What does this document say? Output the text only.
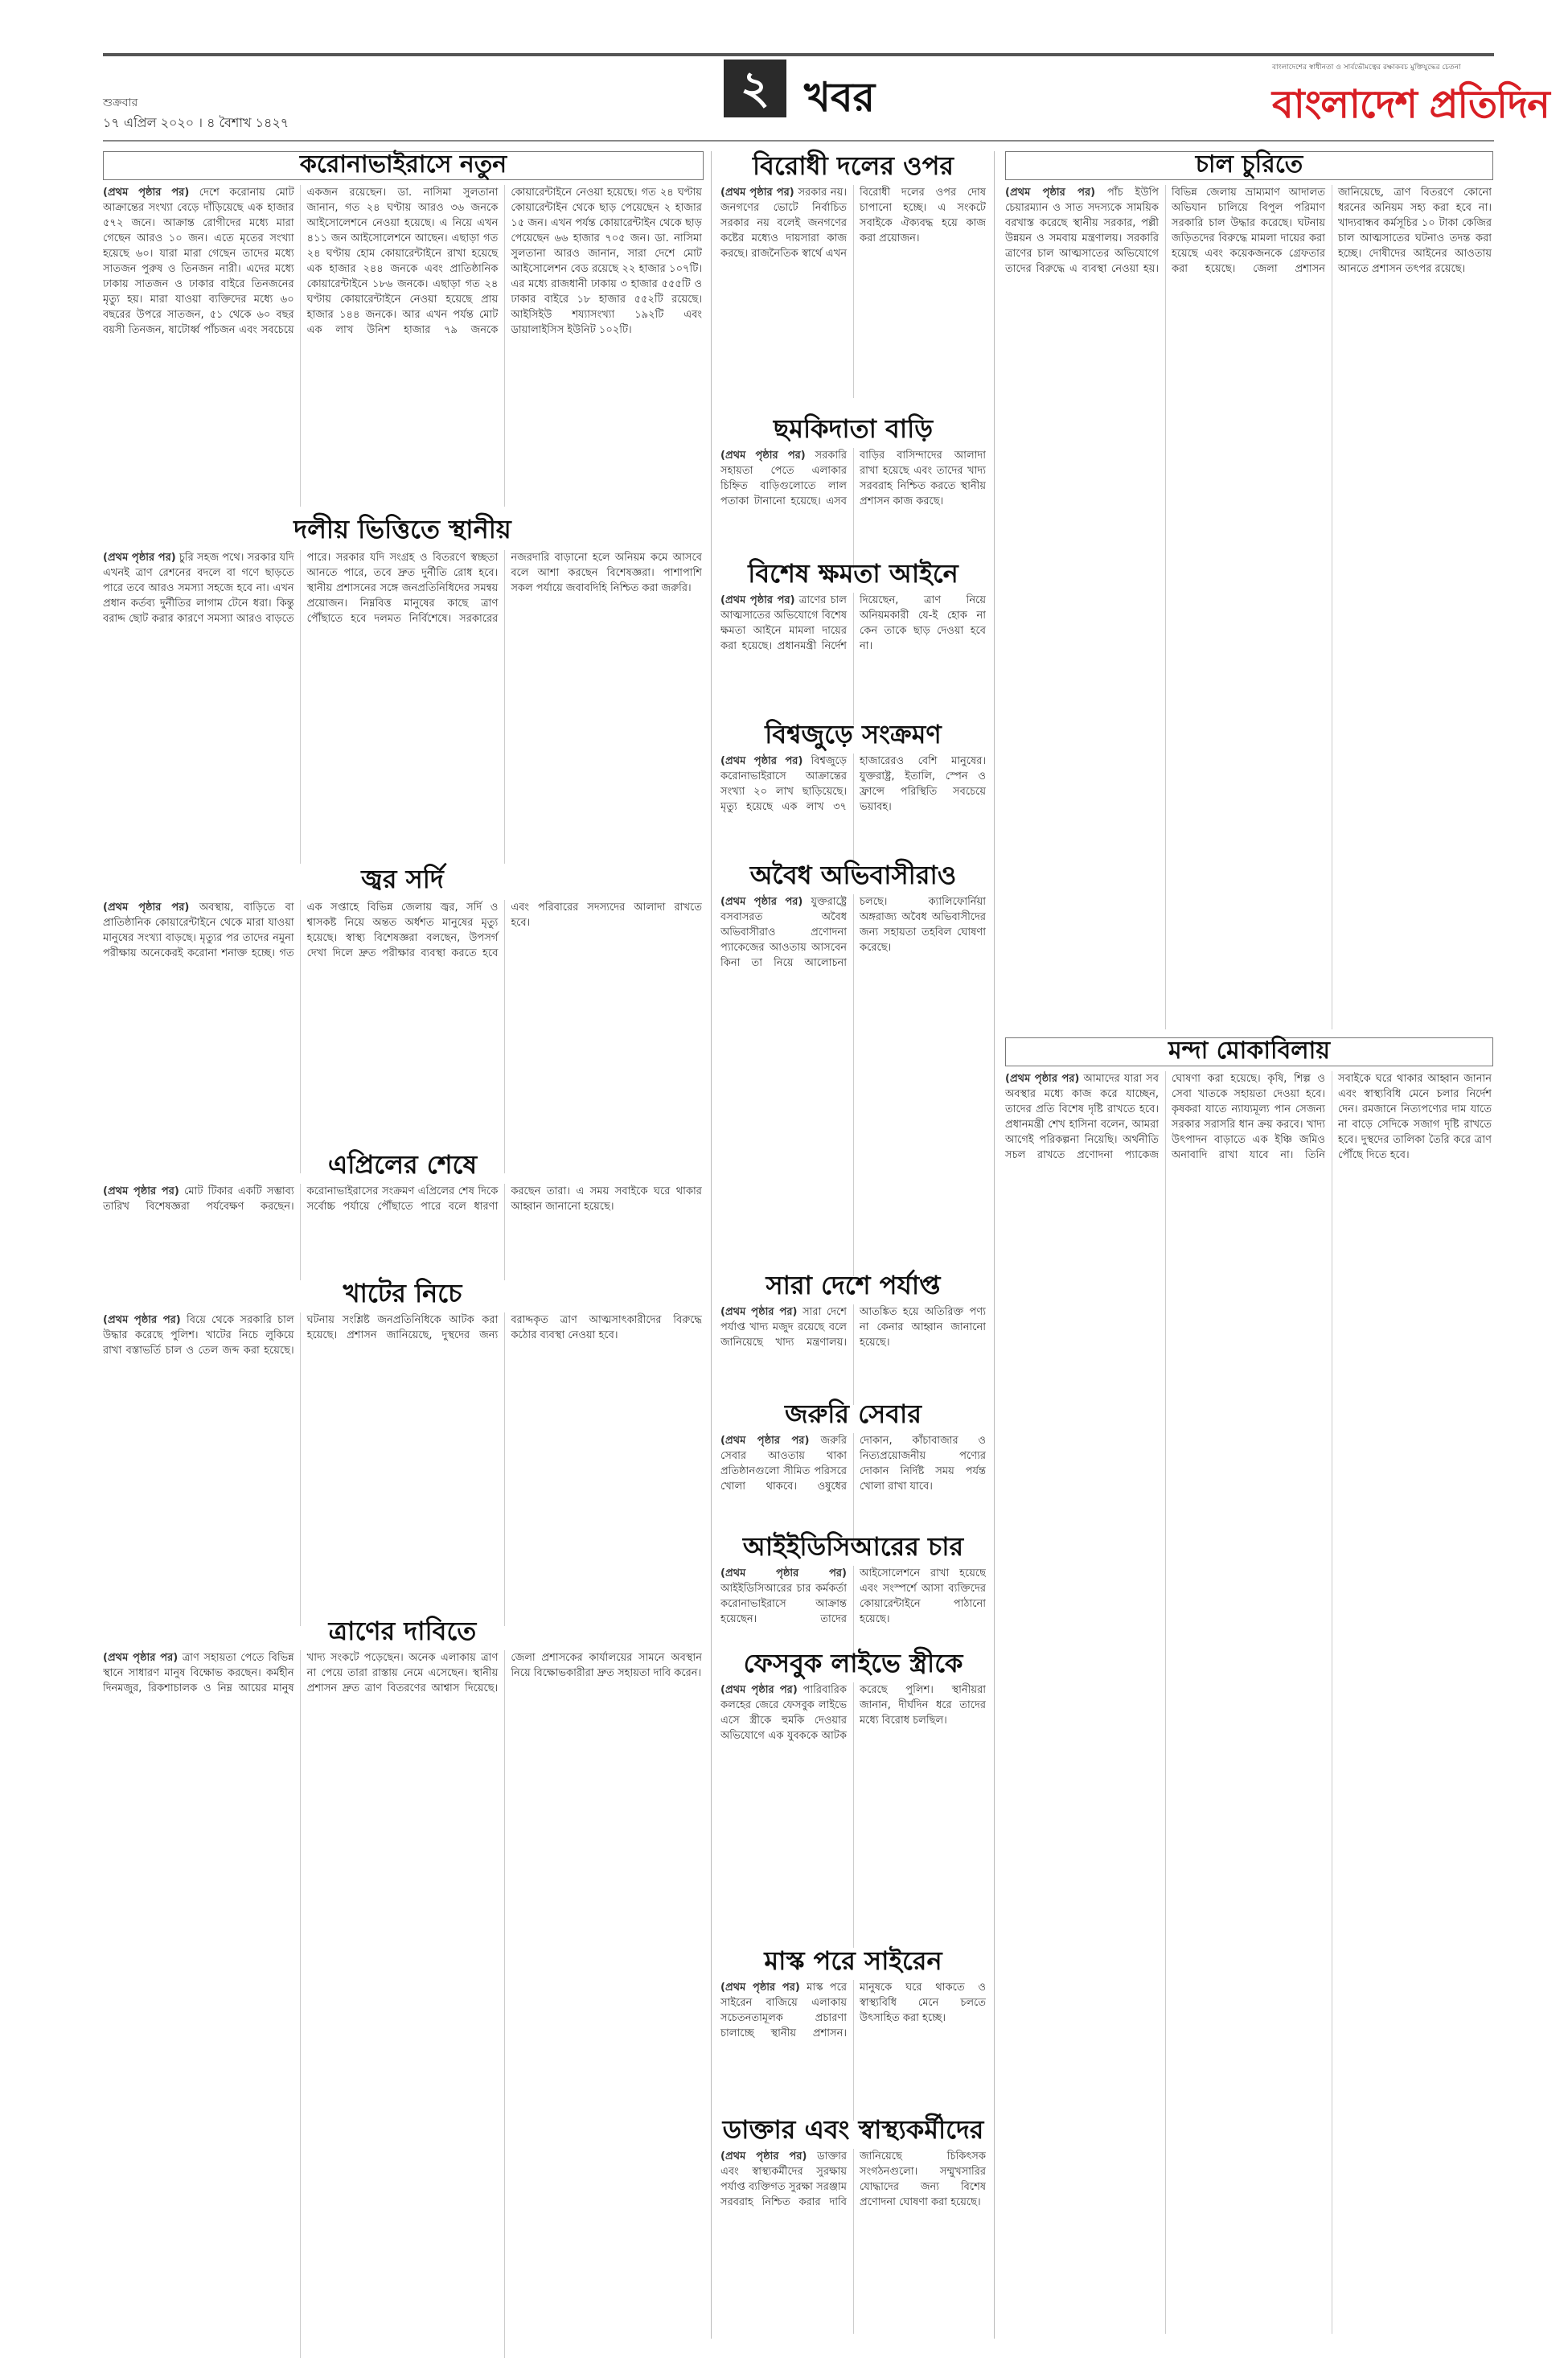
শুক্রবার
১৭ এপ্রিল ২০২০ । ৪ বৈশাখ ১৪২৭
২ খবর
বাংলাদেশের স্বাধীনতা ও সার্বভৌমত্বের রক্ষাকবচ মুক্তিযুদ্ধের চেতনা
বাংলাদেশ প্রতিদিন
করোনাভাইরাসে নতুন
(প্রথম পৃষ্ঠার পর) দেশে করোনায় মোট আক্রান্তের সংখ্যা বেড়ে দাঁড়িয়েছে এক হাজার ৫৭২ জনে। আক্রান্ত রোগীদের মধ্যে মারা গেছেন আরও ১০ জন। এতে মৃতের সংখ্যা হয়েছে ৬০। যারা মারা গেছেন তাদের মধ্যে সাতজন পুরুষ ও তিনজন নারী। এদের মধ্যে ঢাকায় সাতজন ও ঢাকার বাইরে তিনজনের মৃত্যু হয়। মারা যাওয়া ব্যক্তিদের মধ্যে ৬০ বছরের উপরে সাতজন, ৫১ থেকে ৬০ বছর বয়সী তিনজন, ষাটোর্ধ্ব পাঁচজন এবং সবচেয়ে একজন রয়েছেন। ডা. নাসিমা সুলতানা জানান, গত ২৪ ঘণ্টায় আরও ৩৬ জনকে আইসোলেশনে নেওয়া হয়েছে। এ নিয়ে এখন ৪১১ জন আইসোলেশনে আছেন। এছাড়া গত ২৪ ঘণ্টায় হোম কোয়ারেন্টাইনে রাখা হয়েছে এক হাজার ২৪৪ জনকে এবং প্রাতিষ্ঠানিক কোয়ারেন্টাইনে ১৮৬ জনকে। এছাড়া গত ২৪ ঘণ্টায় কোয়ারেন্টাইনে নেওয়া হয়েছে প্রায় হাজার ১৪৪ জনকে। আর এখন পর্যন্ত মোট এক লাখ উনিশ হাজার ৭৯ জনকে কোয়ারেন্টাইনে নেওয়া হয়েছে। গত ২৪ ঘণ্টায় কোয়ারেন্টাইন থেকে ছাড় পেয়েছেন ২ হাজার ১৫ জন। এখন পর্যন্ত কোয়ারেন্টাইন থেকে ছাড় পেয়েছেন ৬৬ হাজার ৭০৫ জন। ডা. নাসিমা সুলতানা আরও জানান, সারা দেশে মোট আইসোলেশন বেড রয়েছে ২২ হাজার ১০৭টি। এর মধ্যে রাজধানী ঢাকায় ৩ হাজার ৫৫৫টি ও ঢাকার বাইরে ১৮ হাজার ৫৫২টি রয়েছে। আইসিইউ শয্যাসংখ্যা ১৯২টি এবং ডায়ালাইসিস ইউনিট ১০২টি।
দলীয় ভিত্তিতে স্থানীয়
(প্রথম পৃষ্ঠার পর) চুরি সহজ পথে। সরকার যদি এখনই ত্রাণ রেশনের বদলে বা গণে ছাড়তে পারে তবে আরও সমস্যা সহজে হবে না। এখন প্রধান কর্তব্য দুর্নীতির লাগাম টেনে ধরা। কিন্তু বরাদ্দ ছোট করার কারণে সমস্যা আরও বাড়তে পারে। সরকার যদি সংগ্রহ ও বিতরণে স্বচ্ছতা আনতে পারে, তবে দ্রুত দুর্নীতি রোধ হবে। স্থানীয় প্রশাসনের সঙ্গে জনপ্রতিনিধিদের সমন্বয় প্রয়োজন। নিম্নবিত্ত মানুষের কাছে ত্রাণ পৌঁছাতে হবে দলমত নির্বিশেষে। সরকারের নজরদারি বাড়ানো হলে অনিয়ম কমে আসবে বলে আশা করছেন বিশেষজ্ঞরা। পাশাপাশি সকল পর্যায়ে জবাবদিহি নিশ্চিত করা জরুরি।
জ্বর সর্দি
(প্রথম পৃষ্ঠার পর) অবস্থায়, বাড়িতে বা প্রাতিষ্ঠানিক কোয়ারেন্টাইনে থেকে মারা যাওয়া মানুষের সংখ্যা বাড়ছে। মৃত্যুর পর তাদের নমুনা পরীক্ষায় অনেকেরই করোনা শনাক্ত হচ্ছে। গত এক সপ্তাহে বিভিন্ন জেলায় জ্বর, সর্দি ও শ্বাসকষ্ট নিয়ে অন্তত অর্ধশত মানুষের মৃত্যু হয়েছে। স্বাস্থ্য বিশেষজ্ঞরা বলছেন, উপসর্গ দেখা দিলে দ্রুত পরীক্ষার ব্যবস্থা করতে হবে এবং পরিবারের সদস্যদের আলাদা রাখতে হবে।
এপ্রিলের শেষে
(প্রথম পৃষ্ঠার পর) মোট টিকার একটি সম্ভাব্য তারিখ বিশেষজ্ঞরা পর্যবেক্ষণ করছেন। করোনাভাইরাসের সংক্রমণ এপ্রিলের শেষ দিকে সর্বোচ্চ পর্যায়ে পৌঁছাতে পারে বলে ধারণা করছেন তারা। এ সময় সবাইকে ঘরে থাকার আহ্বান জানানো হয়েছে।
খাটের নিচে
(প্রথম পৃষ্ঠার পর) বিয়ে থেকে সরকারি চাল উদ্ধার করেছে পুলিশ। খাটের নিচে লুকিয়ে রাখা বস্তাভর্তি চাল ও তেল জব্দ করা হয়েছে। ঘটনায় সংশ্লিষ্ট জনপ্রতিনিধিকে আটক করা হয়েছে। প্রশাসন জানিয়েছে, দুস্থদের জন্য বরাদ্দকৃত ত্রাণ আত্মসাৎকারীদের বিরুদ্ধে কঠোর ব্যবস্থা নেওয়া হবে।
ত্রাণের দাবিতে
(প্রথম পৃষ্ঠার পর) ত্রাণ সহায়তা পেতে বিভিন্ন স্থানে সাধারণ মানুষ বিক্ষোভ করছেন। কর্মহীন দিনমজুর, রিকশাচালক ও নিম্ন আয়ের মানুষ খাদ্য সংকটে পড়েছেন। অনেক এলাকায় ত্রাণ না পেয়ে তারা রাস্তায় নেমে এসেছেন। স্থানীয় প্রশাসন দ্রুত ত্রাণ বিতরণের আশ্বাস দিয়েছে। জেলা প্রশাসকের কার্যালয়ের সামনে অবস্থান নিয়ে বিক্ষোভকারীরা দ্রুত সহায়তা দাবি করেন।
বিরোধী দলের ওপর
(প্রথম পৃষ্ঠার পর) সরকার নয়। জনগণের ভোটে নির্বাচিত সরকার নয় বলেই জনগণের কষ্টের মধ্যেও দায়সারা কাজ করছে। রাজনৈতিক স্বার্থে এখন বিরোধী দলের ওপর দোষ চাপানো হচ্ছে। এ সংকটে সবাইকে ঐক্যবদ্ধ হয়ে কাজ করা প্রয়োজন।
ছমকিদাতা বাড়ি
(প্রথম পৃষ্ঠার পর) সরকারি সহায়তা পেতে এলাকার চিহ্নিত বাড়িগুলোতে লাল পতাকা টানানো হয়েছে। এসব বাড়ির বাসিন্দাদের আলাদা রাখা হয়েছে এবং তাদের খাদ্য সরবরাহ নিশ্চিত করতে স্থানীয় প্রশাসন কাজ করছে।
বিশেষ ক্ষমতা আইনে
(প্রথম পৃষ্ঠার পর) ত্রাণের চাল আত্মসাতের অভিযোগে বিশেষ ক্ষমতা আইনে মামলা দায়ের করা হয়েছে। প্রধানমন্ত্রী নির্দেশ দিয়েছেন, ত্রাণ নিয়ে অনিয়মকারী যে-ই হোক না কেন তাকে ছাড় দেওয়া হবে না।
বিশ্বজুড়ে সংক্রমণ
(প্রথম পৃষ্ঠার পর) বিশ্বজুড়ে করোনাভাইরাসে আক্রান্তের সংখ্যা ২০ লাখ ছাড়িয়েছে। মৃত্যু হয়েছে এক লাখ ৩৭ হাজারেরও বেশি মানুষের। যুক্তরাষ্ট্র, ইতালি, স্পেন ও ফ্রান্সে পরিস্থিতি সবচেয়ে ভয়াবহ।
অবৈধ অভিবাসীরাও
(প্রথম পৃষ্ঠার পর) যুক্তরাষ্ট্রে বসবাসরত অবৈধ অভিবাসীরাও প্রণোদনা প্যাকেজের আওতায় আসবেন কিনা তা নিয়ে আলোচনা চলছে। ক্যালিফোর্নিয়া অঙ্গরাজ্য অবৈধ অভিবাসীদের জন্য সহায়তা তহবিল ঘোষণা করেছে।
সারা দেশে পর্যাপ্ত
(প্রথম পৃষ্ঠার পর) সারা দেশে পর্যাপ্ত খাদ্য মজুদ রয়েছে বলে জানিয়েছে খাদ্য মন্ত্রণালয়। আতঙ্কিত হয়ে অতিরিক্ত পণ্য না কেনার আহ্বান জানানো হয়েছে।
জরুরি সেবার
(প্রথম পৃষ্ঠার পর) জরুরি সেবার আওতায় থাকা প্রতিষ্ঠানগুলো সীমিত পরিসরে খোলা থাকবে। ওষুধের দোকান, কাঁচাবাজার ও নিত্যপ্রয়োজনীয় পণ্যের দোকান নির্দিষ্ট সময় পর্যন্ত খোলা রাখা যাবে।
আইইডিসিআরের চার
(প্রথম পৃষ্ঠার পর) আইইডিসিআরের চার কর্মকর্তা করোনাভাইরাসে আক্রান্ত হয়েছেন। তাদের আইসোলেশনে রাখা হয়েছে এবং সংস্পর্শে আসা ব্যক্তিদের কোয়ারেন্টাইনে পাঠানো হয়েছে।
ফেসবুক লাইভে স্ত্রীকে
(প্রথম পৃষ্ঠার পর) পারিবারিক কলহের জেরে ফেসবুক লাইভে এসে স্ত্রীকে হুমকি দেওয়ার অভিযোগে এক যুবককে আটক করেছে পুলিশ। স্থানীয়রা জানান, দীর্ঘদিন ধরে তাদের মধ্যে বিরোধ চলছিল।
মাস্ক পরে সাইরেন
(প্রথম পৃষ্ঠার পর) মাস্ক পরে সাইরেন বাজিয়ে এলাকায় সচেতনতামূলক প্রচারণা চালাচ্ছে স্থানীয় প্রশাসন। মানুষকে ঘরে থাকতে ও স্বাস্থ্যবিধি মেনে চলতে উৎসাহিত করা হচ্ছে।
ডাক্তার এবং স্বাস্থ্যকর্মীদের
(প্রথম পৃষ্ঠার পর) ডাক্তার এবং স্বাস্থ্যকর্মীদের সুরক্ষায় পর্যাপ্ত ব্যক্তিগত সুরক্ষা সরঞ্জাম সরবরাহ নিশ্চিত করার দাবি জানিয়েছে চিকিৎসক সংগঠনগুলো। সম্মুখসারির যোদ্ধাদের জন্য বিশেষ প্রণোদনা ঘোষণা করা হয়েছে।
চাল চুরিতে
(প্রথম পৃষ্ঠার পর) পাঁচ ইউপি চেয়ারম্যান ও সাত সদস্যকে সাময়িক বরখাস্ত করেছে স্থানীয় সরকার, পল্লী উন্নয়ন ও সমবায় মন্ত্রণালয়। সরকারি ত্রাণের চাল আত্মসাতের অভিযোগে তাদের বিরুদ্ধে এ ব্যবস্থা নেওয়া হয়। বিভিন্ন জেলায় ভ্রাম্যমাণ আদালত অভিযান চালিয়ে বিপুল পরিমাণ সরকারি চাল উদ্ধার করেছে। ঘটনায় জড়িতদের বিরুদ্ধে মামলা দায়ের করা হয়েছে এবং কয়েকজনকে গ্রেফতার করা হয়েছে। জেলা প্রশাসন জানিয়েছে, ত্রাণ বিতরণে কোনো ধরনের অনিয়ম সহ্য করা হবে না। খাদ্যবান্ধব কর্মসূচির ১০ টাকা কেজির চাল আত্মসাতের ঘটনাও তদন্ত করা হচ্ছে। দোষীদের আইনের আওতায় আনতে প্রশাসন তৎপর রয়েছে।
মন্দা মোকাবিলায়
(প্রথম পৃষ্ঠার পর) আমাদের যারা সব অবস্থার মধ্যে কাজ করে যাচ্ছেন, তাদের প্রতি বিশেষ দৃষ্টি রাখতে হবে। প্রধানমন্ত্রী শেখ হাসিনা বলেন, আমরা আগেই পরিকল্পনা নিয়েছি। অর্থনীতি সচল রাখতে প্রণোদনা প্যাকেজ ঘোষণা করা হয়েছে। কৃষি, শিল্প ও সেবা খাতকে সহায়তা দেওয়া হবে। কৃষকরা যাতে ন্যায্যমূল্য পান সেজন্য সরকার সরাসরি ধান ক্রয় করবে। খাদ্য উৎপাদন বাড়াতে এক ইঞ্চি জমিও অনাবাদি রাখা যাবে না। তিনি সবাইকে ঘরে থাকার আহ্বান জানান এবং স্বাস্থ্যবিধি মেনে চলার নির্দেশ দেন। রমজানে নিত্যপণ্যের দাম যাতে না বাড়ে সেদিকে সজাগ দৃষ্টি রাখতে হবে। দুস্থদের তালিকা তৈরি করে ত্রাণ পৌঁছে দিতে হবে।
